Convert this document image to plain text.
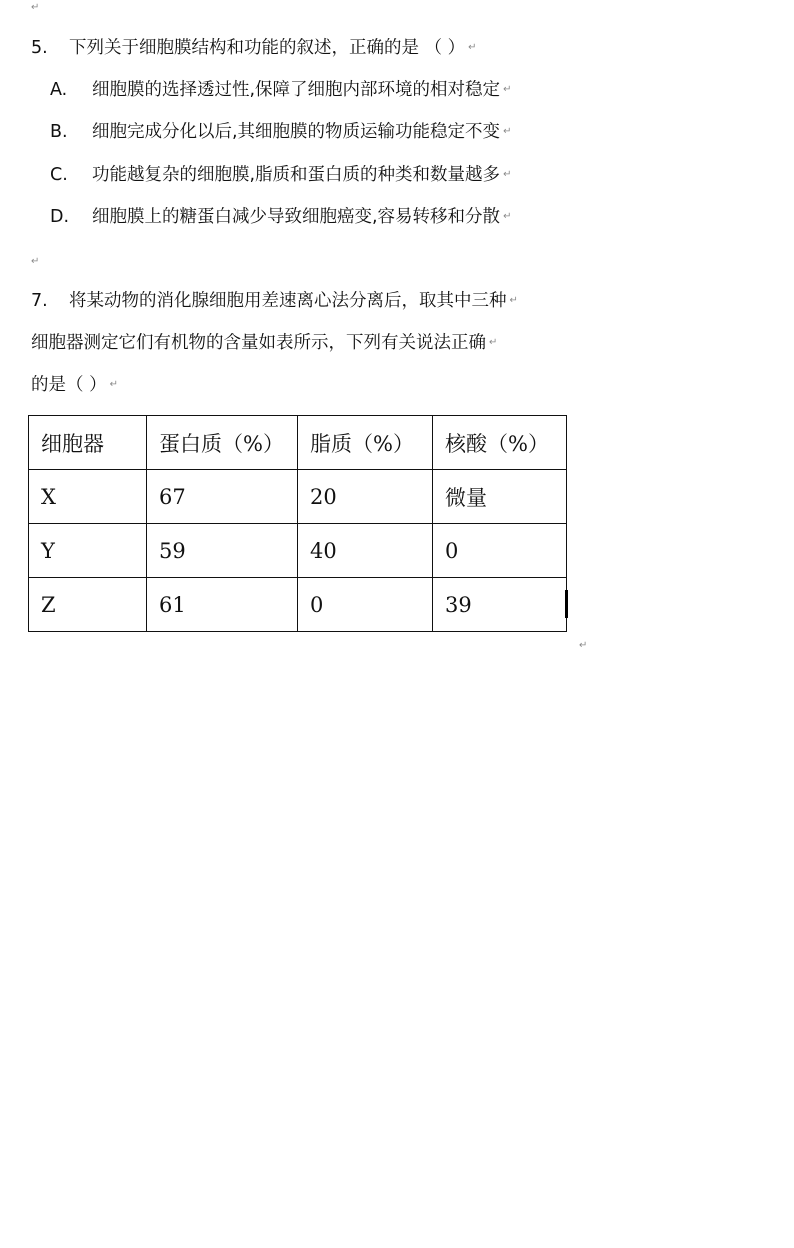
↵
5. 下列关于细胞膜结构和功能的叙述，正确的是 （ ） ↵
A. 细胞膜的选择透过性,保障了细胞内部环境的相对稳定 ↵
B. 细胞完成分化以后,其细胞膜的物质运输功能稳定不变 ↵
C. 功能越复杂的细胞膜,脂质和蛋白质的种类和数量越多 ↵
D. 细胞膜上的糖蛋白减少导致细胞癌变,容易转移和分散 ↵
↵
7. 将某动物的消化腺细胞用差速离心法分离后，取其中三种 ↵
细胞器测定它们有机物的含量如表所示，下列有关说法正确 ↵
的是（ ） ↵
细胞器	蛋白质（%）	脂质（%）	核酸（%）
X	67	20	微量
Y	59	40	0
Z	61	0	39
↵
